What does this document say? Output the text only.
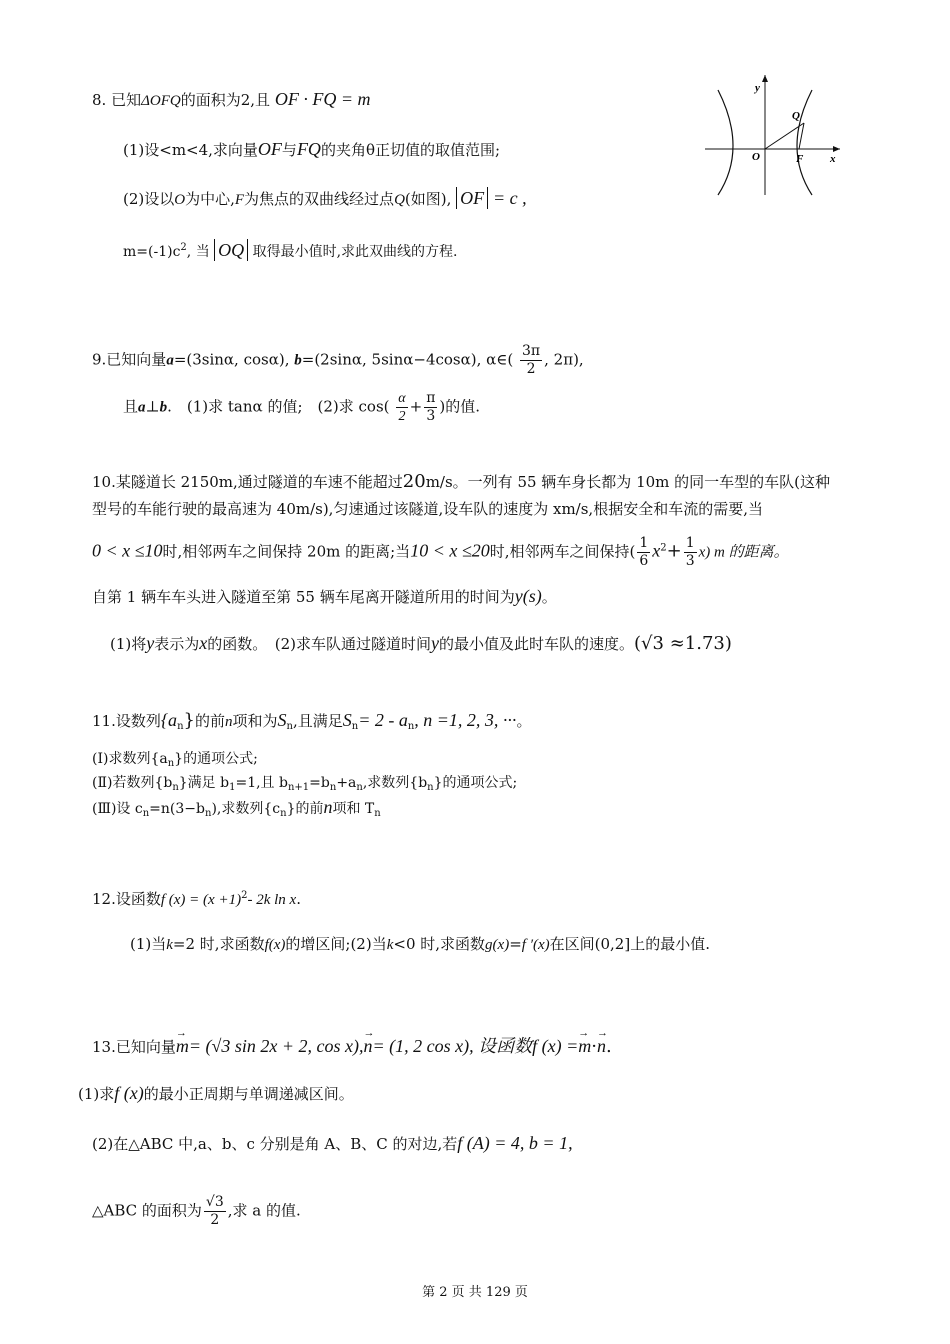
8. 已知ΔOFQ的面积为2,且 OF · FQ = m
(1)设<m<4,求向量OF与FQ的夹角θ正切值的取值范围;
(2)设以O为中心,F为焦点的双曲线经过点Q(如图), OF = c ,
$m=(-1)c^2$, 当 OQ 取得最小值时,求此双曲线的方程.
y
x
O	F
Q
9.已知向量a=(3sinα, cosα), b=(2sinα, 5sinα−4cosα), α∈( $\frac{3\pi}{2}$ , 2π),
且a⊥b.　(1)求 tanα 的值;　(2)求 $\cos( \frac{\alpha}{2} + \frac{\pi}{3}$ )的值.
10.某隧道长 2150m,通过隧道的车速不能超过20m/s。一列有 55 辆车身长都为 10m 的同一车型的车队(这种
型号的车能行驶的最高速为 40m/s),匀速通过该隧道,设车队的速度为 xm/s,根据安全和车流的需要,当
0 < x ≤10时,相邻两车之间保持 20m 的距离;当10 < x ≤20时,相邻两车之间保持( $\frac{1}{6} x^2+ \frac{1}{3} x$) m 的距离。
自第 1 辆车车头进入隧道至第 55 辆车尾离开隧道所用的时间为y(s)。
(1)将y表示为x的函数。　(2)求车队通过隧道时间y的最小值及此时车队的速度。(√3 ≈1.73)
11.设数列$\{a_n\}$的前n项和为$S_n$,且满足$S_n= 2 - a_n$, n =1, 2, 3, ···。
(Ⅰ)求数列$\{a_n\}$的通项公式;
(Ⅱ)若数列$\{b_n\}$满足 $b_1=1$,且 $b_{n+1}=b_n+a_n$,求数列$\{b_n\}$的通项公式;
(Ⅲ)设 $c_n=n(3-b_n)$,求数列$\{c_n\}$的前n项和 $T_n$
12.设函数f $(x) = (x +1)^2-$ 2k ln x.
(1)当k=2 时,求函数f(x)的增区间;(2)当k<0 时,求函数g(x)=f ′(x)在区间(0,2]上的最小值.
13.已知向量→ m= (√3 sin 2x + 2, cos x),→ n= (1, 2 cos x), 设函数f (x) =→ m·→ n.
(1)求f (x)的最小正周期与单调递减区间。
(2)在△ABC 中,a、b、c 分别是角 A、B、C 的对边,若f (A) = 4, b = 1,
△ABC 的面积为 $\frac{√3}{2}$ ,求 a 的值.
第 2 页 共 129 页
